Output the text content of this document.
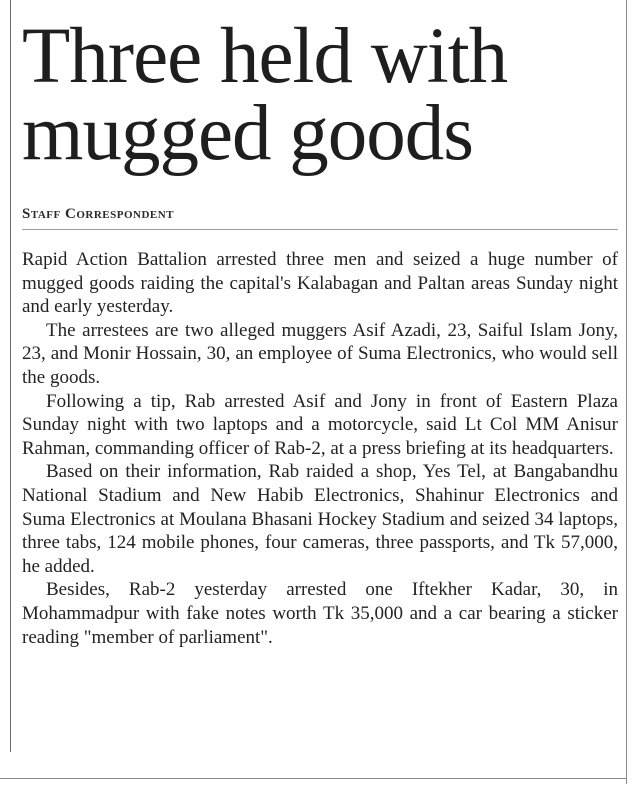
Three held with
mugged goods
Staff Correspondent

Rapid Action Battalion arrested three men and seized a huge number of mugged goods raiding the capital's Kalabagan and Paltan areas Sunday night and early yesterday.

The arrestees are two alleged muggers Asif Azadi, 23, Saiful Islam Jony, 23, and Monir Hossain, 30, an employee of Suma Electronics, who would sell the goods.

Following a tip, Rab arrested Asif and Jony in front of Eastern Plaza Sunday night with two laptops and a motorcycle, said Lt Col MM Anisur Rahman, commanding officer of Rab-2, at a press briefing at its headquarters.

Based on their information, Rab raided a shop, Yes Tel, at Bangabandhu National Stadium and New Habib Electronics, Shahinur Electronics and Suma Electronics at Moulana Bhasani Hockey Stadium and seized 34 laptops, three tabs, 124 mobile phones, four cameras, three passports, and Tk 57,000, he added.

Besides, Rab-2 yesterday arrested one Iftekher Kadar, 30, in Mohammadpur with fake notes worth Tk 35,000 and a car bearing a sticker reading "member of parliament".
